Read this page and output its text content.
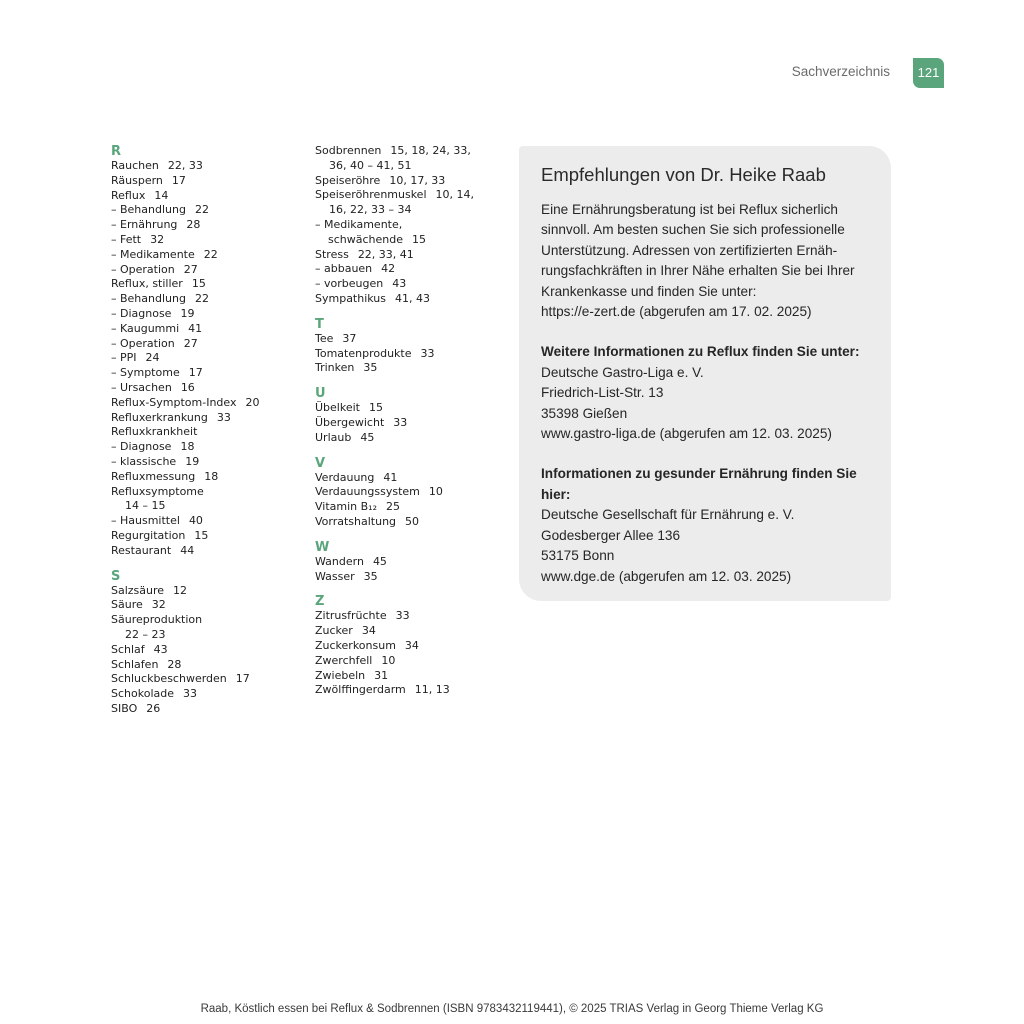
Sachverzeichnis	121
R
Rauchen 22, 33
Räuspern 17
Reflux 14
– Behandlung 22
– Ernährung 28
– Fett 32
– Medikamente 22
– Operation 27
Reflux, stiller 15
– Behandlung 22
– Diagnose 19
– Kaugummi 41
– Operation 27
– PPI 24
– Symptome 17
– Ursachen 16
Reflux-Symptom-Index 20
Refluxerkrankung 33
Refluxkrankheit
– Diagnose 18
– klassische 19
Refluxmessung 18
Refluxsymptome
14 – 15
– Hausmittel 40
Regurgitation 15
Restaurant 44
S
Salzsäure 12
Säure 32
Säureproduktion
22 – 23
Schlaf 43
Schlafen 28
Schluckbeschwerden 17
Schokolade 33
SIBO 26
Sodbrennen 15, 18, 24, 33,
36, 40 – 41, 51
Speiseröhre 10, 17, 33
Speiseröhrenmuskel 10, 14,
16, 22, 33 – 34
– Medikamente,
schwächende 15
Stress 22, 33, 41
– abbauen 42
– vorbeugen 43
Sympathikus 41, 43
T
Tee 37
Tomatenprodukte 33
Trinken 35
U
Übelkeit 15
Übergewicht 33
Urlaub 45
V
Verdauung 41
Verdauungssystem 10
Vitamin B₁₂ 25
Vorratshaltung 50
W
Wandern 45
Wasser 35
Z
Zitrusfrüchte 33
Zucker 34
Zuckerkonsum 34
Zwerchfell 10
Zwiebeln 31
Zwölffingerdarm 11, 13
Empfehlungen von Dr. Heike Raab

Eine Ernährungsberatung ist bei Reflux sicherlich

sinnvoll. Am besten suchen Sie sich professionelle

Unterstützung. Adressen von zertifizierten Ernäh-

rungsfachkräften in Ihrer Nähe erhalten Sie bei Ihrer

Krankenkasse und finden Sie unter:

https://e-zert.de (abgerufen am 17. 02. 2025)

Weitere Informationen zu Reflux finden Sie unter:

Deutsche Gastro-Liga e. V.

Friedrich-List-Str. 13

35398 Gießen

www.gastro-liga.de (abgerufen am 12. 03. 2025)

Informationen zu gesunder Ernährung finden Sie hier:

Deutsche Gesellschaft für Ernährung e. V.

Godesberger Allee 136

53175 Bonn

www.dge.de (abgerufen am 12. 03. 2025)

Raab, Köstlich essen bei Reflux & Sodbrennen (ISBN 9783432119441), © 2025 TRIAS Verlag in Georg Thieme Verlag KG
